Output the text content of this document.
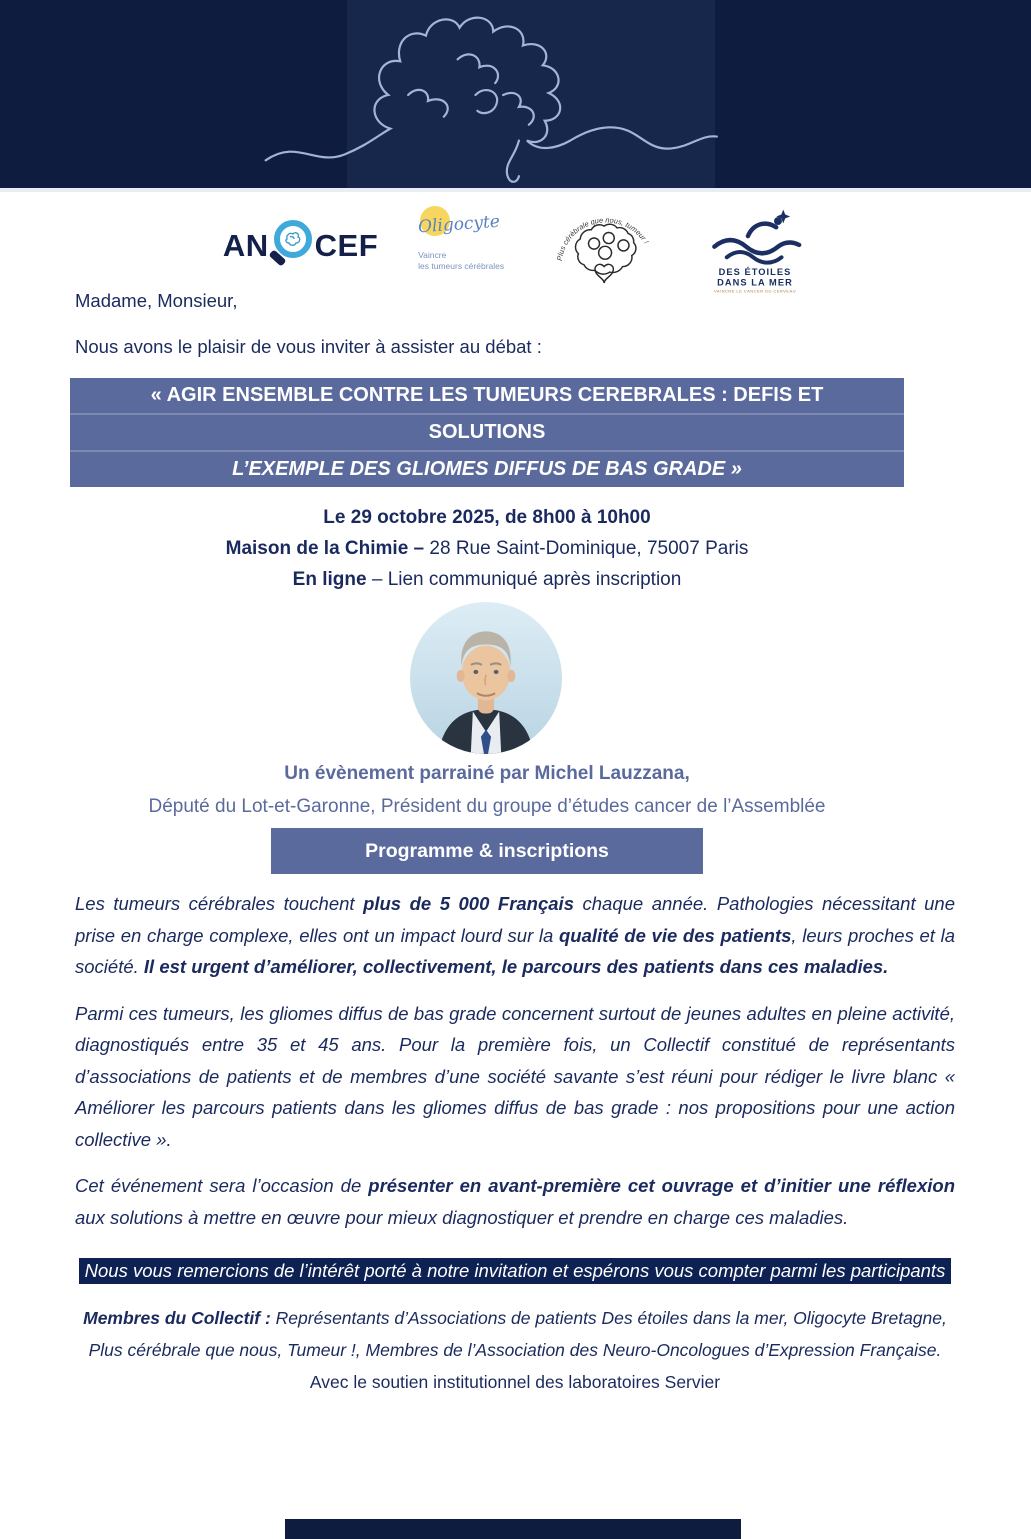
AN CEF
Oligocyte
Vaincre
les tumeurs cérébrales
Plus cérébrale que nous, tumeur !
DES ÉTOILES
DANS LA MER
VAINCRE LE CANCER DU CERVEAU
Madame, Monsieur,
Nous avons le plaisir de vous inviter à assister au débat :
« AGIR ENSEMBLE CONTRE LES TUMEURS CEREBRALES : DEFIS ET
SOLUTIONS
L’EXEMPLE DES GLIOMES DIFFUS DE BAS GRADE »
Le 29 octobre 2025, de 8h00 à 10h00
Maison de la Chimie – 28 Rue Saint-Dominique, 75007 Paris
En ligne – Lien communiqué après inscription
Un évènement parrainé par Michel Lauzzana,
Député du Lot-et-Garonne, Président du groupe d’études cancer de l’Assemblée
Programme & inscriptions

Les tumeurs cérébrales touchent plus de 5 000 Français chaque année. Pathologies nécessitant une prise en charge complexe, elles ont un impact lourd sur la qualité de vie des patients, leurs proches et la société. Il est urgent d’améliorer, collectivement, le parcours des patients dans ces maladies.

Parmi ces tumeurs, les gliomes diffus de bas grade concernent surtout de jeunes adultes en pleine activité, diagnostiqués entre 35 et 45 ans. Pour la première fois, un Collectif constitué de représentants d’associations de patients et de membres d’une société savante s’est réuni pour rédiger le livre blanc « Améliorer les parcours patients dans les gliomes diffus de bas grade : nos propositions pour une action collective ».

Cet événement sera l’occasion de présenter en avant-première cet ouvrage et d’initier une réflexion aux solutions à mettre en œuvre pour mieux diagnostiquer et prendre en charge ces maladies.

Nous vous remercions de l’intérêt porté à notre invitation et espérons vous compter parmi les participants
Membres du Collectif : Représentants d’Associations de patients Des étoiles dans la mer, Oligocyte Bretagne, Plus cérébrale que nous, Tumeur !, Membres de l’Association des Neuro-Oncologues d’Expression Française.
Avec le soutien institutionnel des laboratoires Servier
